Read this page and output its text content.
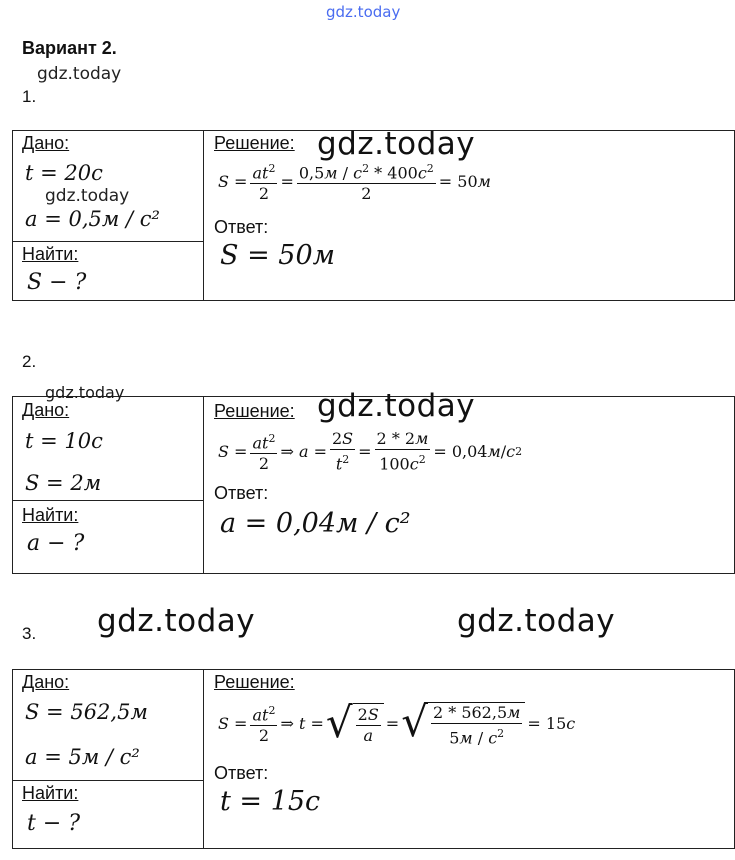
gdz.today
Вариант 2.
gdz.today
1.
Дано:
t = 20с
gdz.today
a = 0,5м / с²
Найти:
S − ?
Решение: gdz.today
$S = \frac{at^2}{2} = \frac{0,5м / с^2 * 400с^2}{2} = 50$ м
Ответ:
S = 50м
2.
gdz.today
Дано:
t = 10с
S = 2м
Найти:
a − ?
Решение: gdz.today
$S = \frac{at^2}{2}$ ⇒ $a = \frac{2S}{t^2} = \frac{2 * 2м}{100с^2} = 0,04$ м / с 2
Ответ:
a = 0,04м / с²
3. gdz.today	gdz.today
Дано:
S = 562,5м
a = 5м / с²
Найти:
t − ?
Решение:
$S = \frac{at^2}{2}$ ⇒ t = √ $\frac{2S}{a}$ = √ $\frac{2 * 562,5м}{5м / с^2} = 15$ с
Ответ:
t = 15с
